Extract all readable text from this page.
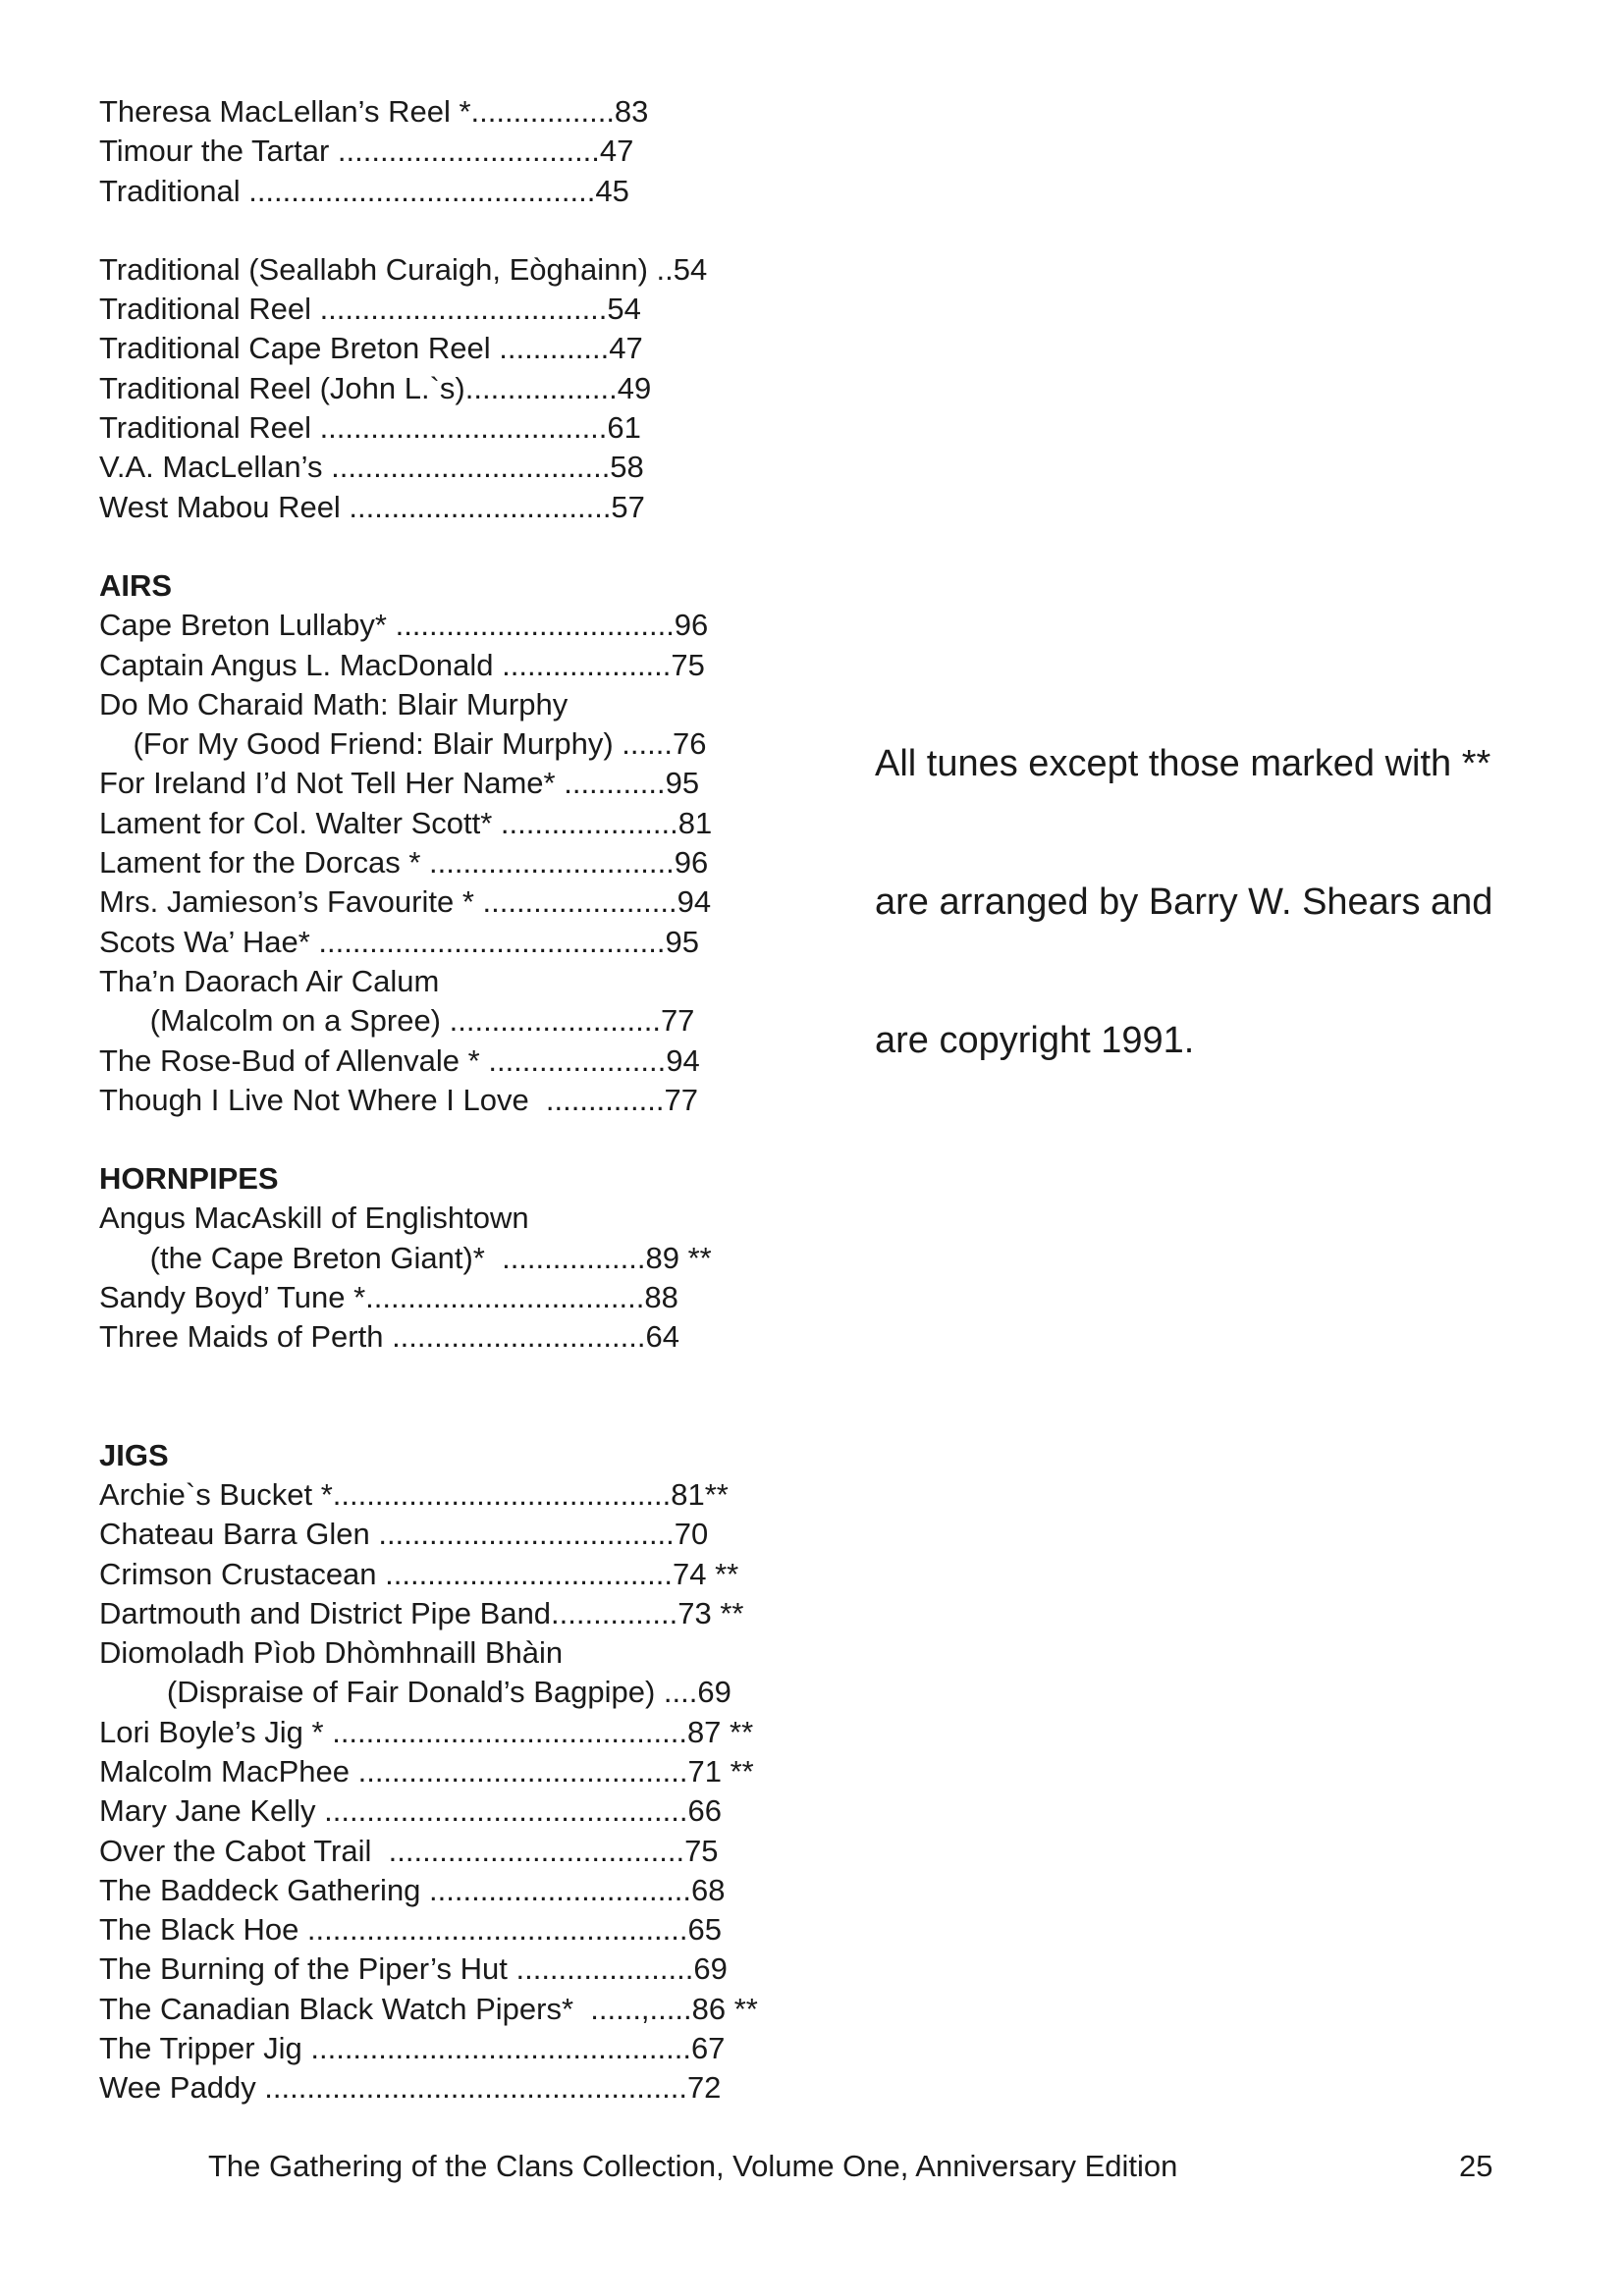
Theresa MacLellan’s Reel *.................83
Timour the Tartar ...............................47
Traditional .........................................45
Traditional (Seallabh Curaigh, Eòghainn) ..54
Traditional Reel ..................................54
Traditional Cape Breton Reel .............47
Traditional Reel (John L.`s)..................49
Traditional Reel ..................................61
V.A. MacLellan’s .................................58
West Mabou Reel ...............................57
AIRS
Cape Breton Lullaby* .................................96
Captain Angus L. MacDonald ....................75
Do Mo Charaid Math: Blair Murphy
(For My Good Friend: Blair Murphy) ......76
For Ireland I’d Not Tell Her Name* ............95
Lament for Col. Walter Scott* .....................81
Lament for the Dorcas * .............................96
Mrs. Jamieson’s Favourite * .......................94
Scots Wa’ Hae* .........................................95
Tha’n Daorach Air Calum
(Malcolm on a Spree) .........................77
The Rose-Bud of Allenvale * .....................94
Though I Live Not Where I Love  ..............77
HORNPIPES
Angus MacAskill of Englishtown
(the Cape Breton Giant)*  .................89 **
Sandy Boyd’ Tune *.................................88
Three Maids of Perth ..............................64
JIGS
Archie`s Bucket *........................................81**
Chateau Barra Glen ...................................70
Crimson Crustacean ..................................74 **
Dartmouth and District Pipe Band...............73 **
Diomoladh Pìob Dhòmhnaill Bhàin
(Dispraise of Fair Donald’s Bagpipe) ....69
Lori Boyle’s Jig * ..........................................87 **
Malcolm MacPhee .......................................71 **
Mary Jane Kelly ...........................................66
Over the Cabot Trail  ...................................75
The Baddeck Gathering ...............................68
The Black Hoe .............................................65
The Burning of the Piper’s Hut .....................69
The Canadian Black Watch Pipers*  ......,.....86 **
The Tripper Jig .............................................67
Wee Paddy ..................................................72

All tunes except those marked with **

are arranged by Barry W. Shears and

are copyright 1991.

The Gathering of the Clans Collection, Volume One, Anniversary Edition	25
